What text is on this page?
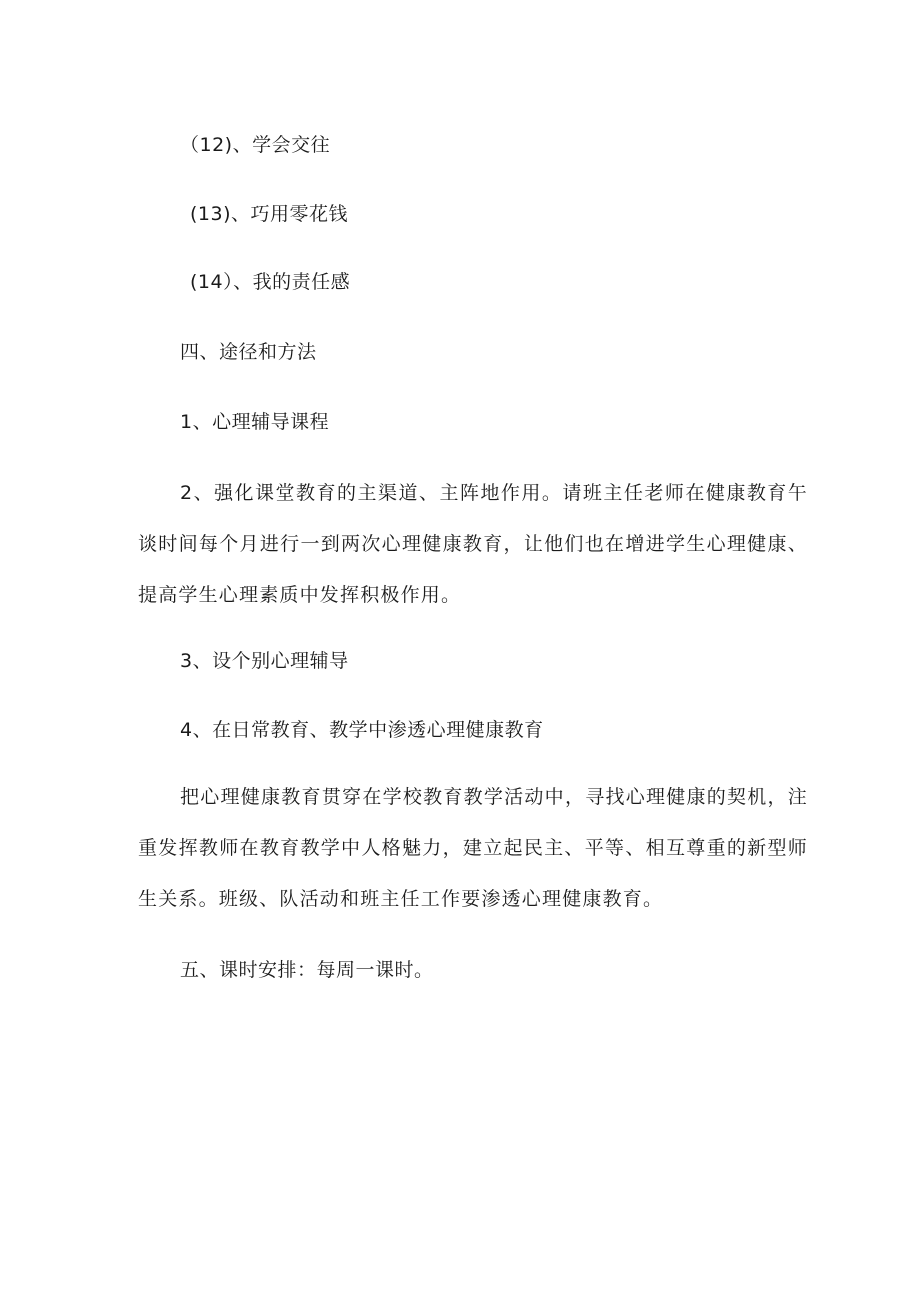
（12)、学会交往
(13)、巧用零花钱
(14）、我的责任感
四、途径和方法
1、心理辅导课程
2、强化课堂教育的主渠道、主阵地作用。请班主任老师在健康教育午谈时间每个月进行一到两次心理健康教育，让他们也在增进学生心理健康、提高学生心理素质中发挥积极作用。
3、设个别心理辅导
4、在日常教育、教学中渗透心理健康教育
把心理健康教育贯穿在学校教育教学活动中，寻找心理健康的契机，注重发挥教师在教育教学中人格魅力，建立起民主、平等、相互尊重的新型师生关系。班级、队活动和班主任工作要渗透心理健康教育。
五、课时安排：每周一课时。
